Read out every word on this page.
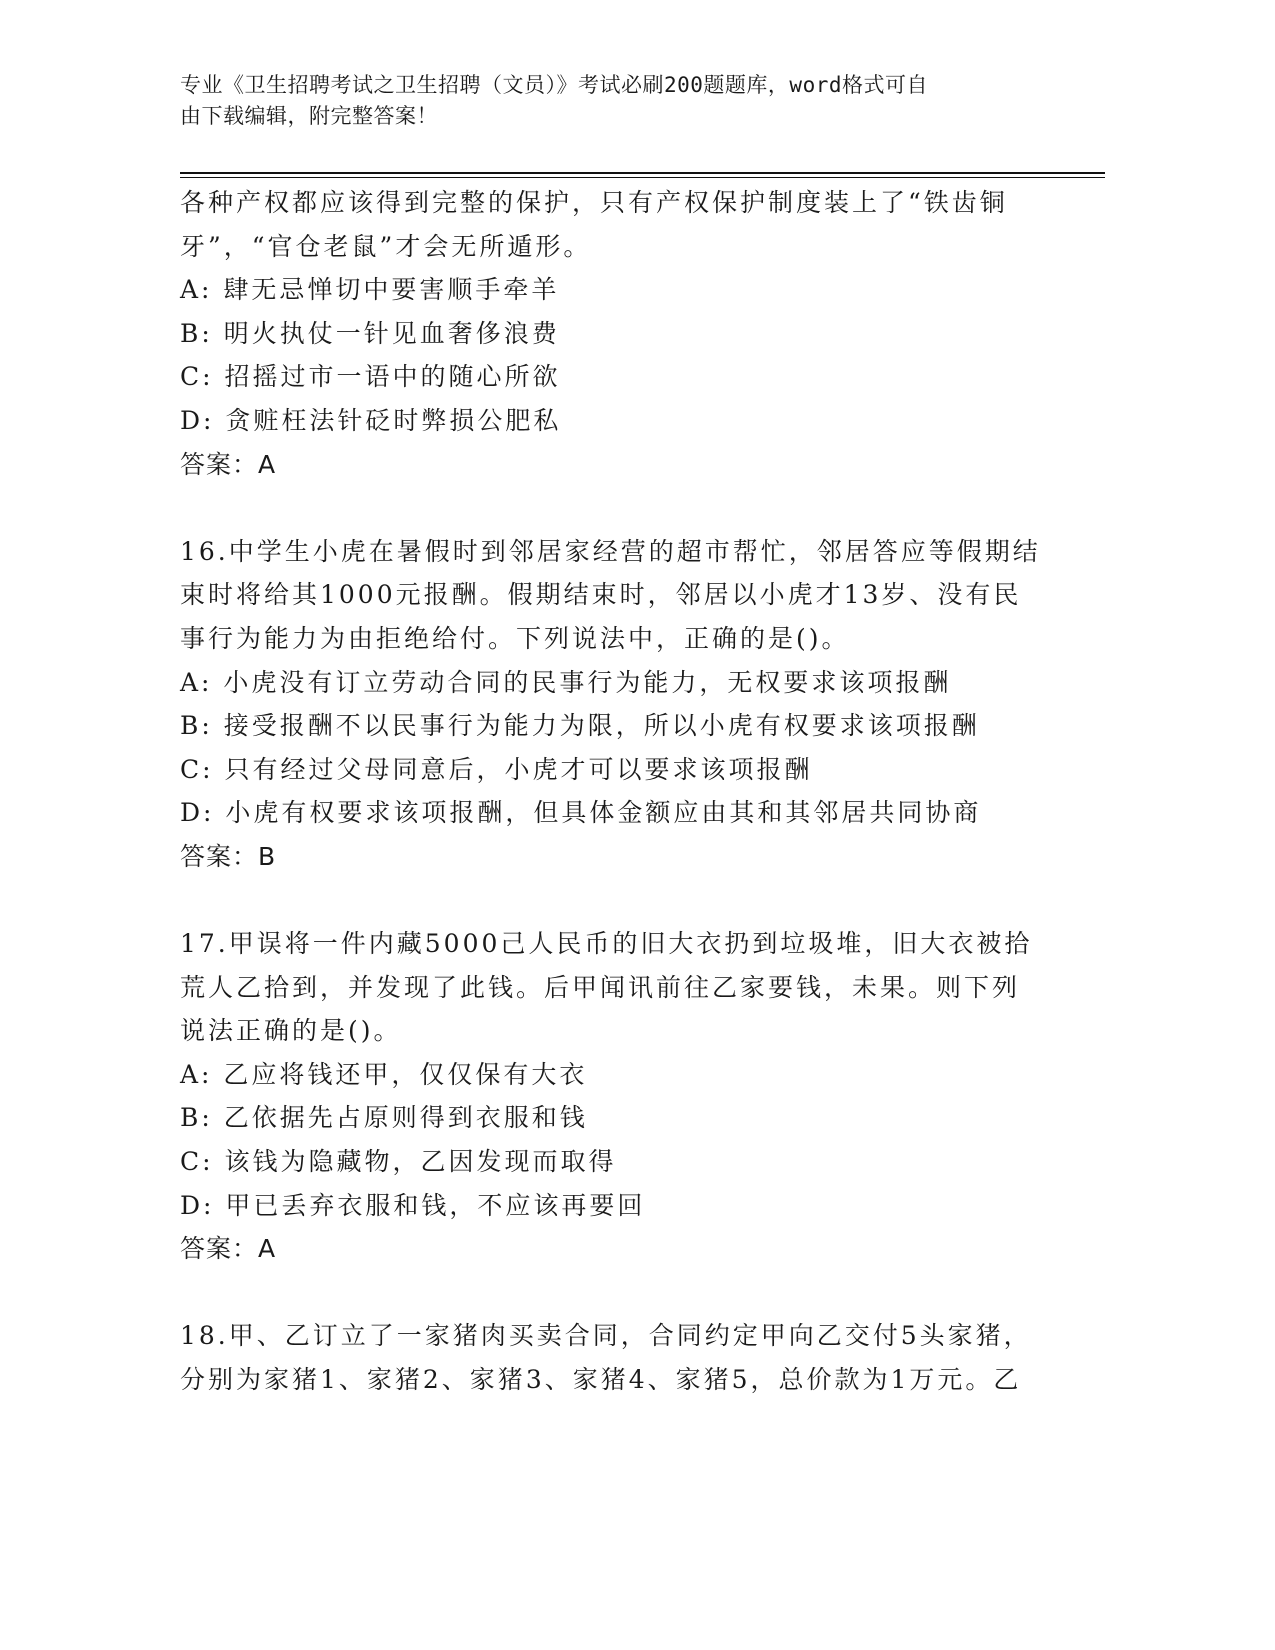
专业《卫生招聘考试之卫生招聘（文员）》考试必刷200题题库，word格式可自
由下载编辑，附完整答案！
各种产权都应该得到完整的保护，只有产权保护制度装上了“铁齿铜
牙”，“官仓老鼠”才会无所遁形。
A: 肆无忌惮切中要害顺手牵羊
B: 明火执仗一针见血奢侈浪费
C: 招摇过市一语中的随心所欲
D: 贪赃枉法针砭时弊损公肥私
答案：A
16.中学生小虎在暑假时到邻居家经营的超市帮忙，邻居答应等假期结
束时将给其1000元报酬。假期结束时，邻居以小虎才13岁、没有民
事行为能力为由拒绝给付。下列说法中，正确的是()。
A: 小虎没有订立劳动合同的民事行为能力，无权要求该项报酬
B: 接受报酬不以民事行为能力为限，所以小虎有权要求该项报酬
C: 只有经过父母同意后，小虎才可以要求该项报酬
D: 小虎有权要求该项报酬，但具体金额应由其和其邻居共同协商
答案：B
17.甲误将一件内藏5000己人民币的旧大衣扔到垃圾堆，旧大衣被拾
荒人乙拾到，并发现了此钱。后甲闻讯前往乙家要钱，未果。则下列
说法正确的是()。
A: 乙应将钱还甲，仅仅保有大衣
B: 乙依据先占原则得到衣服和钱
C: 该钱为隐藏物，乙因发现而取得
D: 甲已丢弃衣服和钱，不应该再要回
答案：A
18.甲、乙订立了一家猪肉买卖合同，合同约定甲向乙交付5头家猪，
分别为家猪1、家猪2、家猪3、家猪4、家猪5，总价款为1万元。乙
